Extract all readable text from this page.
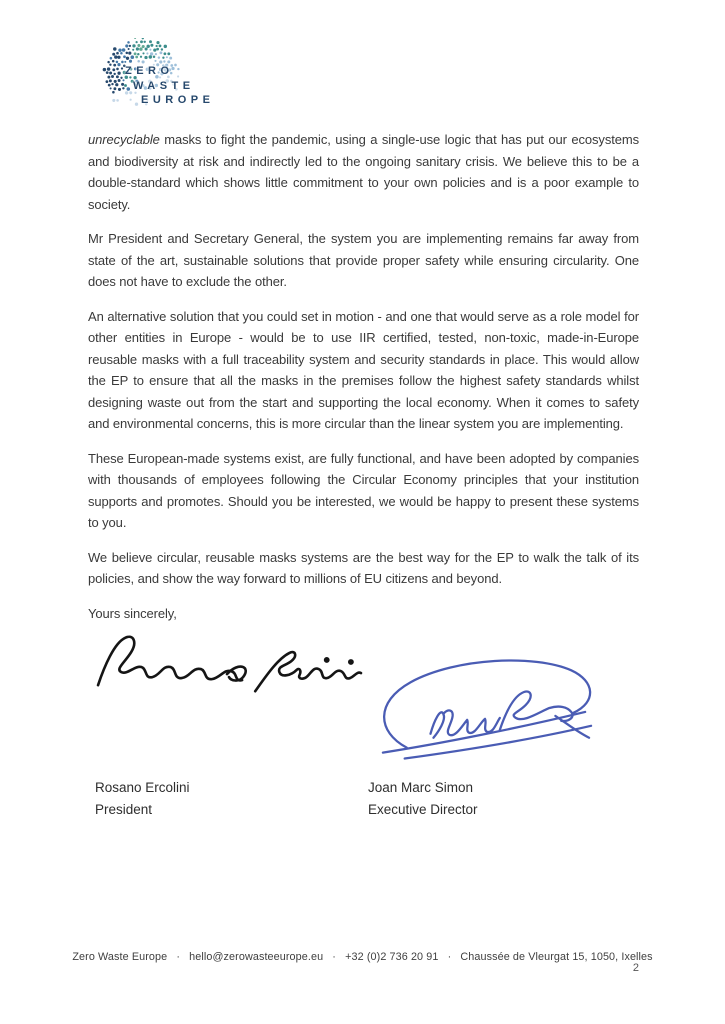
ZERO
WASTE
EUROPE

unrecyclable masks to fight the pandemic, using a single-use logic that has put our ecosystems and biodiversity at risk and indirectly led to the ongoing sanitary crisis. We believe this to be a double-standard which shows little commitment to your own policies and is a poor example to society.

Mr President and Secretary General, the system you are implementing remains far away from state of the art, sustainable solutions that provide proper safety while ensuring circularity. One does not have to exclude the other.

An alternative solution that you could set in motion - and one that would serve as a role model for other entities in Europe - would be to use IIR certified, tested, non-toxic, made-in-Europe reusable masks with a full traceability system and security standards in place. This would allow the EP to ensure that all the masks in the premises follow the highest safety standards whilst designing waste out from the start and supporting the local economy. When it comes to safety and environmental concerns, this is more circular than the linear system you are implementing.

These European-made systems exist, are fully functional, and have been adopted by companies with thousands of employees following the Circular Economy principles that your institution supports and promotes. Should you be interested, we would be happy to present these systems to you.

We believe circular, reusable masks systems are the best way for the EP to walk the talk of its policies, and show the way forward to millions of EU citizens and beyond.

Yours sincerely,

Rosano Ercolini
President
Joan Marc Simon
Executive Director
Zero Waste Europe · hello@zerowasteeurope.eu · +32 (0)2 736 20 91 · Chaussée de Vleurgat 15, 1050, Ixelles
2
